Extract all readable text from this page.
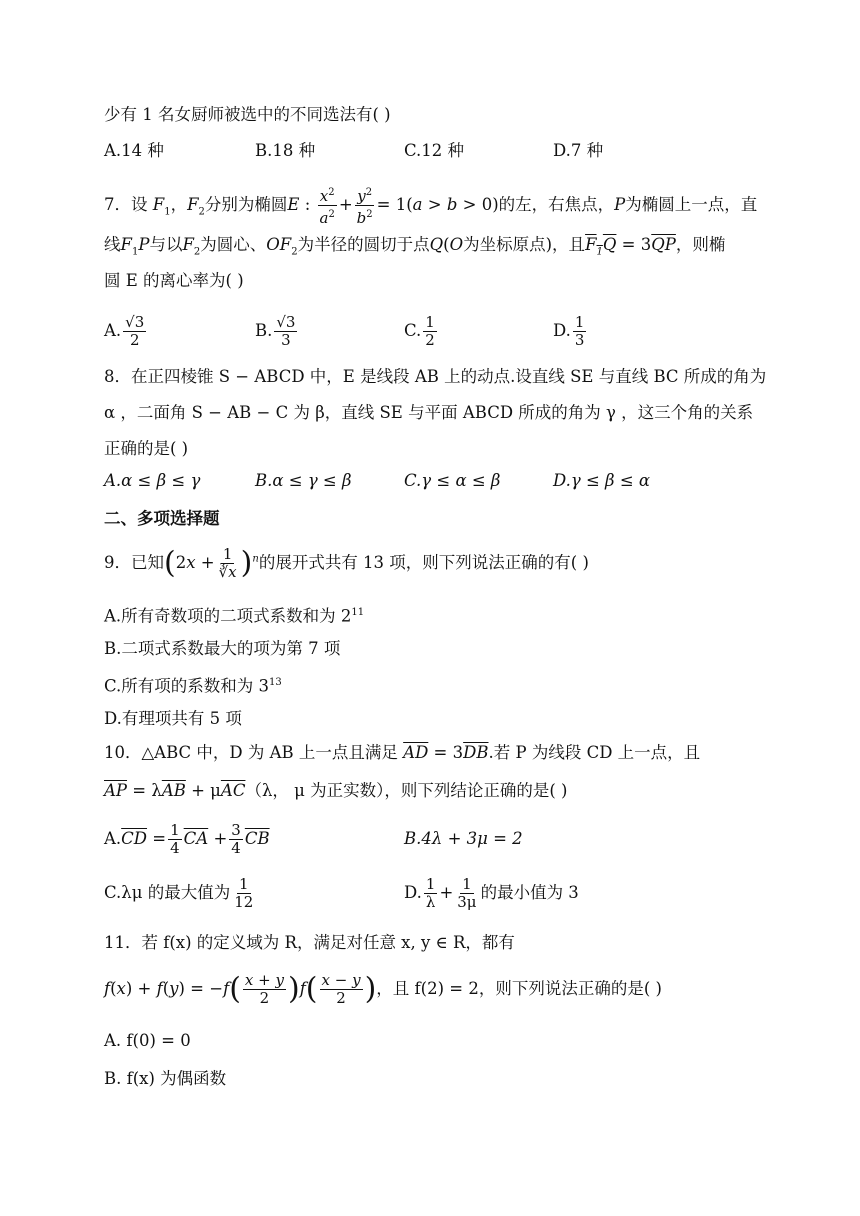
少有 1 名女厨师被选中的不同选法有( )
A.14 种	B.18 种	C.12 种	D.7 种
7．设 $F_1$，$F_2$分别为椭圆E : $\frac{x^2}{a^2} + \frac{y^2}{b^2} = 1(a > b > 0)$的左，右焦点，P为椭圆上一点，直
线$F_1P$与以$F_2$为圆心、$OF_2$为半径的圆切于点Q(O为坐标原点)，且$F_1Q = 3\overline{QP}$，则椭
圆 E 的离心率为( )
A. $\frac{√3}{2}$	B. $\frac{√3}{3}$	C. $\frac{1}{2}$	D. $\frac{1}{3}$
8．在正四棱锥 S − ABCD 中，E 是线段 AB 上的动点.设直线 SE 与直线 BC 所成的角为
α ，二面角 S − AB − C 为 β，直线 SE 与平面 ABCD 所成的角为 γ ，这三个角的关系
正确的是( )
A.α ≤ β ≤ γ	B.α ≤ γ ≤ β	C.γ ≤ α ≤ β	D.γ ≤ β ≤ α
二、多项选择题
9．已知$(2x + \frac{1}{∛x} )^n$的展开式共有 13 项，则下列说法正确的有( )
A.所有奇数项的二项式系数和为 $2^{11}$
B.二项式系数最大的项为第 7 项
C.所有项的系数和为 $3^{13}$
D.有理项共有 5 项
10．△ABC 中，D 为 AB 上一点且满足 $\overline{AD} = 3\overline{DB}$.若 P 为线段 CD 上一点，且
$\overline{AP} = \lambda\overline{AB} + \mu\overline{AC}(\lambda$， μ 为正实数），则下列结论正确的是( )
$A.\overline{CD} = \frac{1}{4} \overline{CA} + \frac{3}{4} \overline{CB}$	B.4λ + 3μ = 2
C.λμ 的最大值为 $\frac{1}{12}$	D. $\frac{1}{\lambda} + \frac{1}{3\mu}$ 的最小值为 3
11．若 f(x) 的定义域为 R，满足对任意 x, y ∈ R，都有
$f(x) + f(y) = -f( \frac{x + y}{2} )f( \frac{x - y}{2}$ )，且 f(2) = 2，则下列说法正确的是( )
A. f(0) = 0
B. f(x) 为偶函数
